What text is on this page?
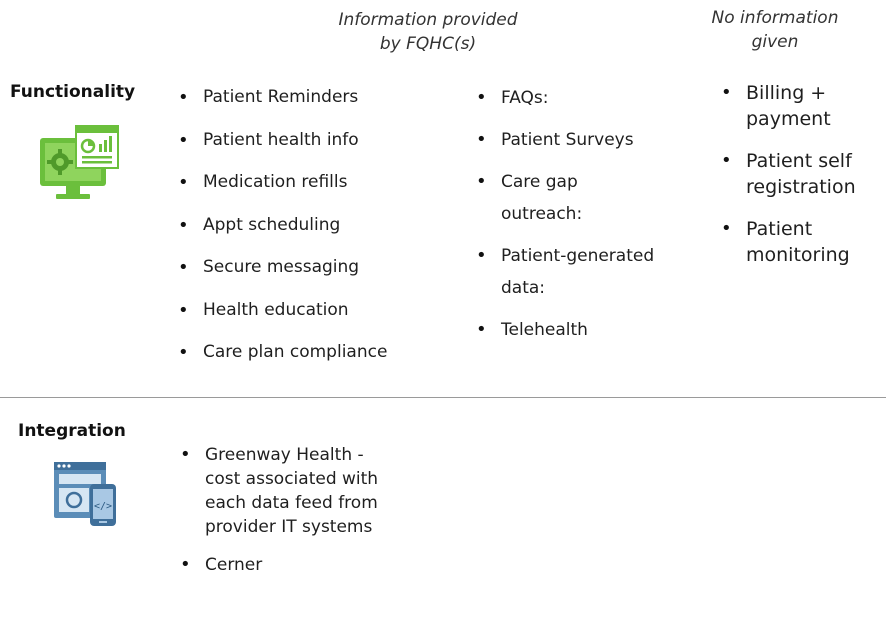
Information provided
by FQHC(s)
No information
given
Functionality	• Patient Reminders
• Patient health info
• Medication refills
• Appt scheduling
• Secure messaging
• Health education
• Care plan compliance
• FAQs:
• Patient Surveys
• Care gap outreach:
• Patient-generated data:
• Telehealth
• Billing + payment
• Patient self registration
• Patient monitoring
Integration
</>
• Greenway Health - cost associated with each data feed from provider IT systems
• Cerner
